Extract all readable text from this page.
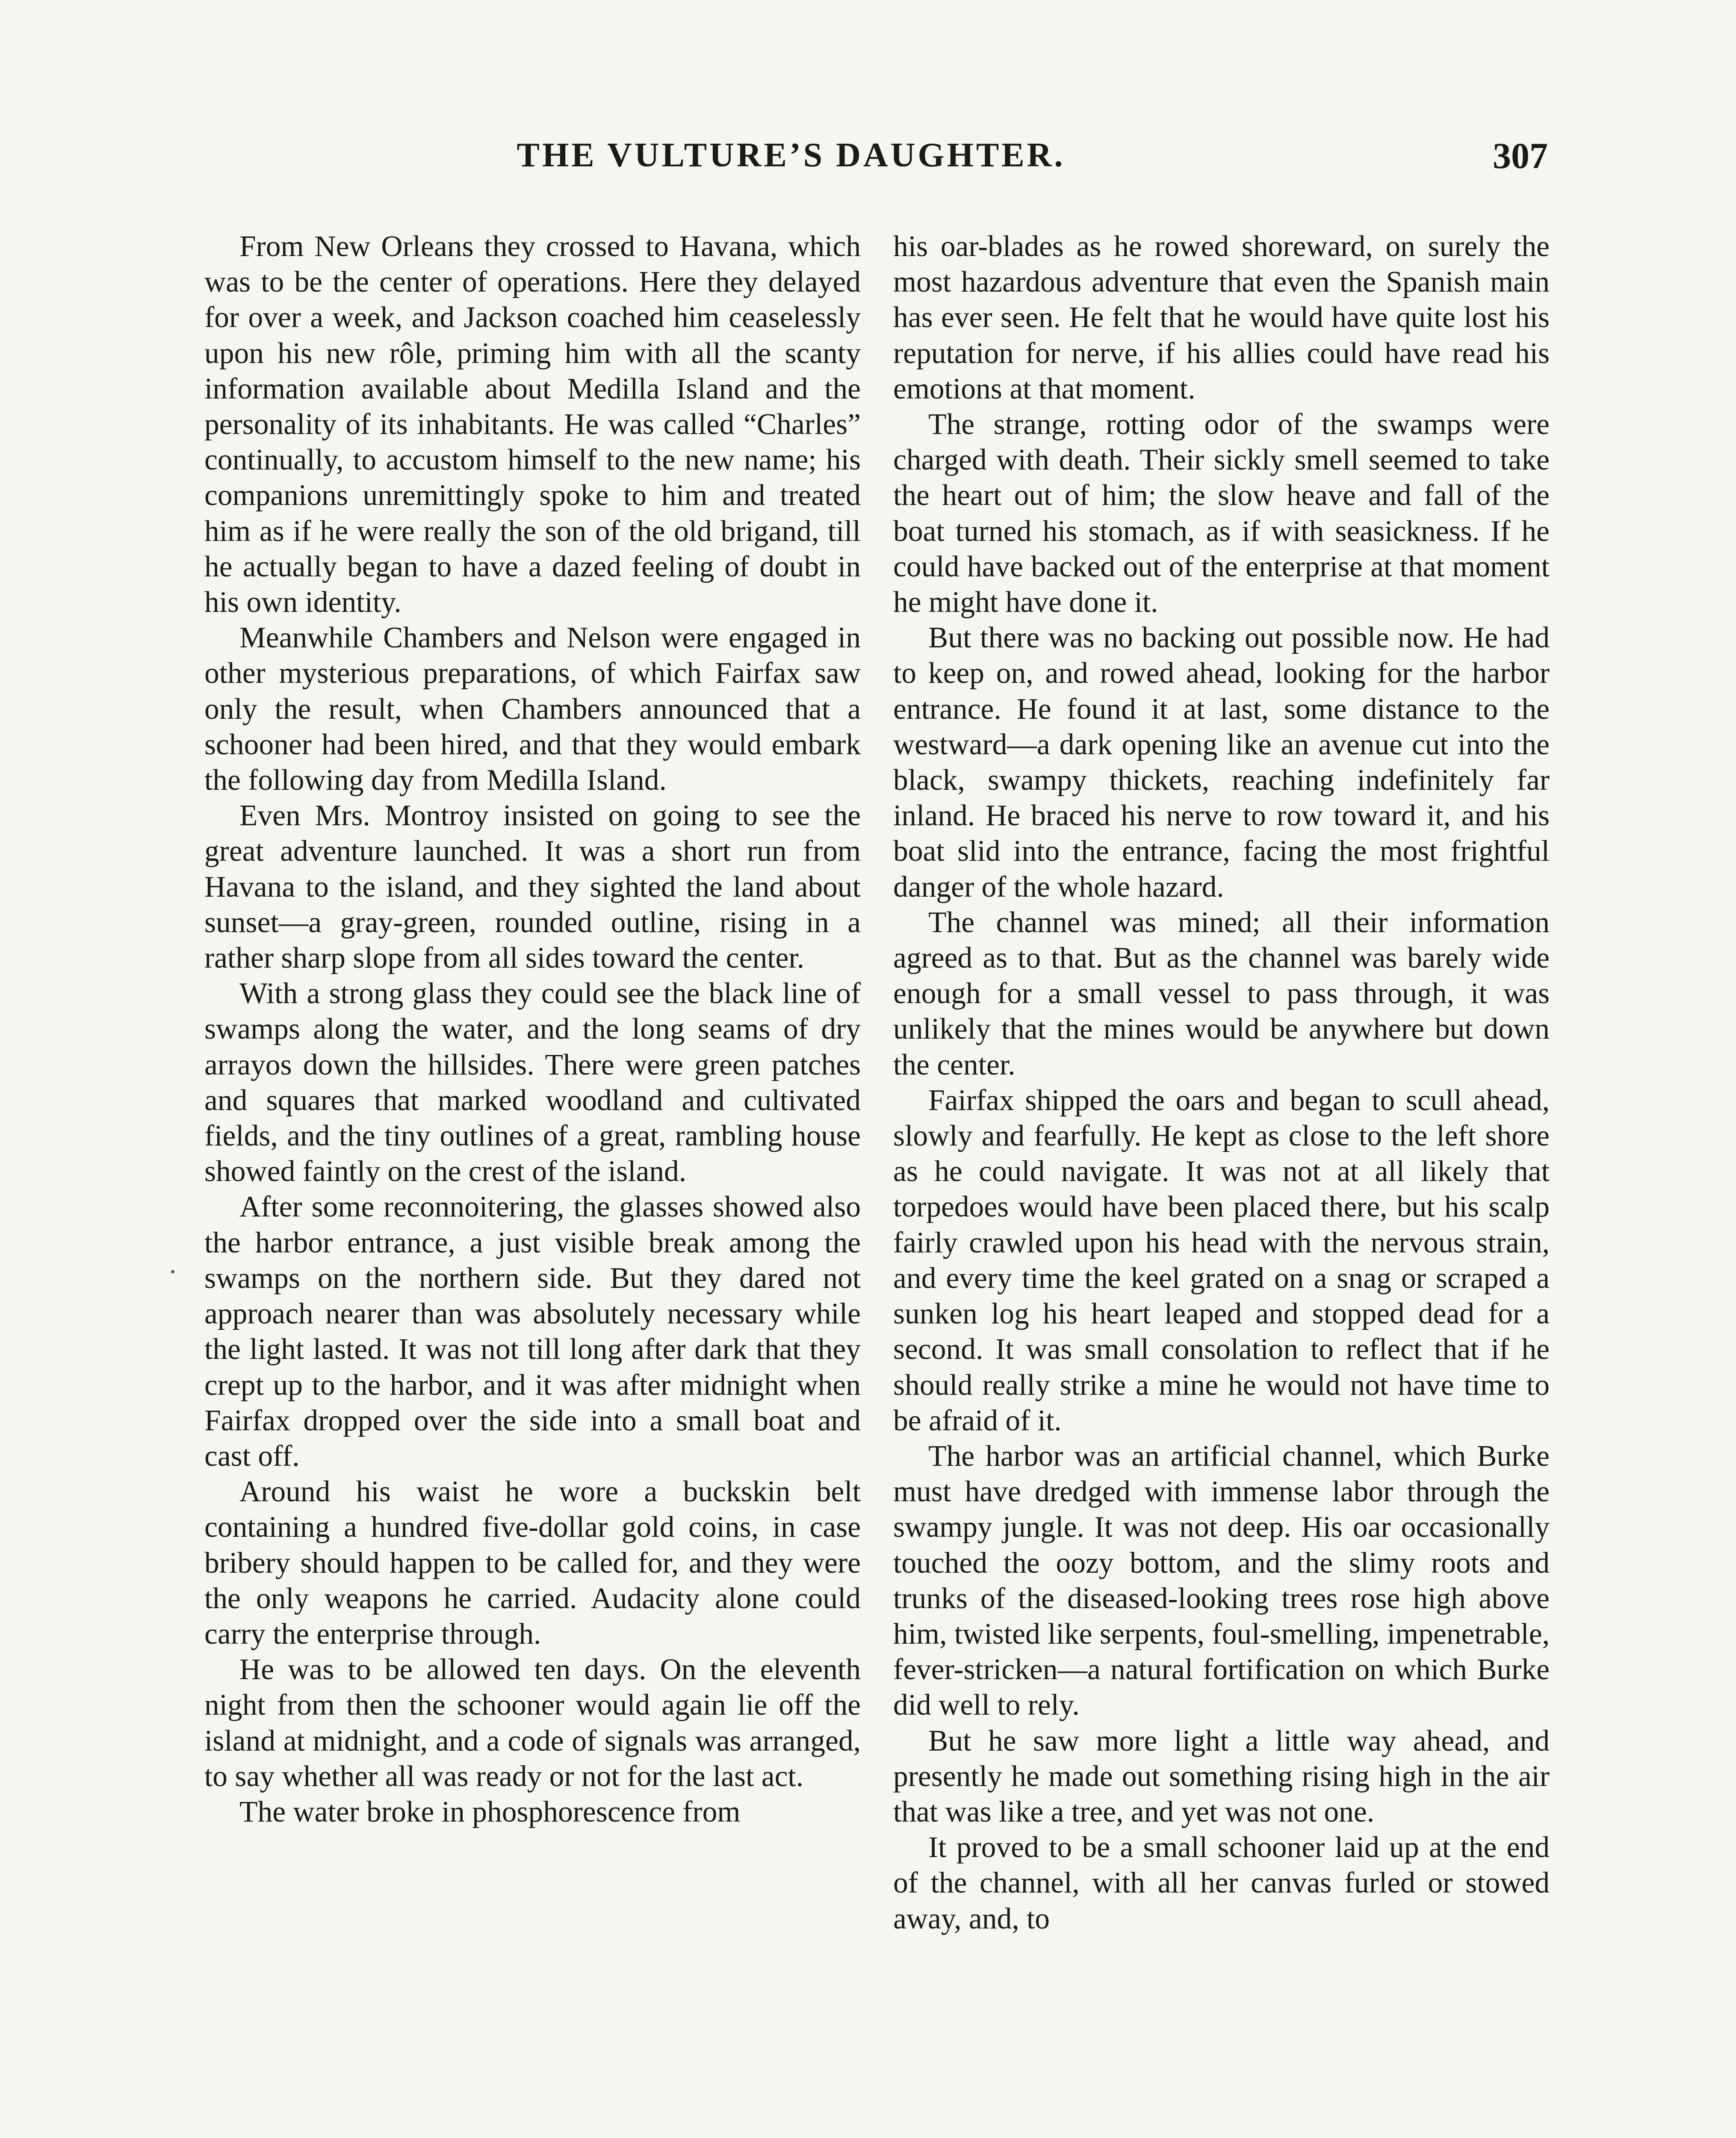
THE VULTURE’S DAUGHTER.	307

From New Orleans they crossed to Havana, which was to be the center of operations. Here they delayed for over a week, and Jackson coached him ceaselessly upon his new rôle, priming him with all the scanty information available about Medilla Island and the personality of its inhabitants. He was called “Charles” continually, to accustom himself to the new name; his companions unremittingly spoke to him and treated him as if he were really the son of the old brigand, till he actually began to have a dazed feeling of doubt in his own identity.

Meanwhile Chambers and Nelson were engaged in other mysterious preparations, of which Fairfax saw only the result, when Chambers announced that a schooner had been hired, and that they would embark the following day from Medilla Island.

Even Mrs. Montroy insisted on going to see the great adventure launched. It was a short run from Havana to the island, and they sighted the land about sunset—a gray-green, rounded outline, rising in a rather sharp slope from all sides toward the center.

With a strong glass they could see the black line of swamps along the water, and the long seams of dry arrayos down the hillsides. There were green patches and squares that marked woodland and cultivated fields, and the tiny outlines of a great, rambling house showed faintly on the crest of the island.

After some reconnoitering, the glasses showed also the harbor entrance, a just visible break among the swamps on the northern side. But they dared not approach nearer than was absolutely necessary while the light lasted. It was not till long after dark that they crept up to the harbor, and it was after midnight when Fairfax dropped over the side into a small boat and cast off.

Around his waist he wore a buckskin belt containing a hundred five-dollar gold coins, in case bribery should happen to be called for, and they were the only weapons he carried. Audacity alone could carry the enterprise through.

He was to be allowed ten days. On the eleventh night from then the schooner would again lie off the island at midnight, and a code of signals was arranged, to say whether all was ready or not for the last act.

The water broke in phosphorescence from

his oar-blades as he rowed shoreward, on surely the most hazardous adventure that even the Spanish main has ever seen. He felt that he would have quite lost his reputation for nerve, if his allies could have read his emotions at that moment.

The strange, rotting odor of the swamps were charged with death. Their sickly smell seemed to take the heart out of him; the slow heave and fall of the boat turned his stomach, as if with seasickness. If he could have backed out of the enterprise at that moment he might have done it.

But there was no backing out possible now. He had to keep on, and rowed ahead, looking for the harbor entrance. He found it at last, some distance to the westward—a dark opening like an avenue cut into the black, swampy thickets, reaching indefinitely far inland. He braced his nerve to row toward it, and his boat slid into the entrance, facing the most frightful danger of the whole hazard.

The channel was mined; all their information agreed as to that. But as the channel was barely wide enough for a small vessel to pass through, it was unlikely that the mines would be anywhere but down the center.

Fairfax shipped the oars and began to scull ahead, slowly and fearfully. He kept as close to the left shore as he could navigate. It was not at all likely that torpedoes would have been placed there, but his scalp fairly crawled upon his head with the nervous strain, and every time the keel grated on a snag or scraped a sunken log his heart leaped and stopped dead for a second. It was small consolation to reflect that if he should really strike a mine he would not have time to be afraid of it.

The harbor was an artificial channel, which Burke must have dredged with immense labor through the swampy jungle. It was not deep. His oar occasionally touched the oozy bottom, and the slimy roots and trunks of the diseased-looking trees rose high above him, twisted like serpents, foul-smelling, impenetrable, fever-stricken—a natural fortification on which Burke did well to rely.

But he saw more light a little way ahead, and presently he made out something rising high in the air that was like a tree, and yet was not one.

It proved to be a small schooner laid up at the end of the channel, with all her canvas furled or stowed away, and, to
